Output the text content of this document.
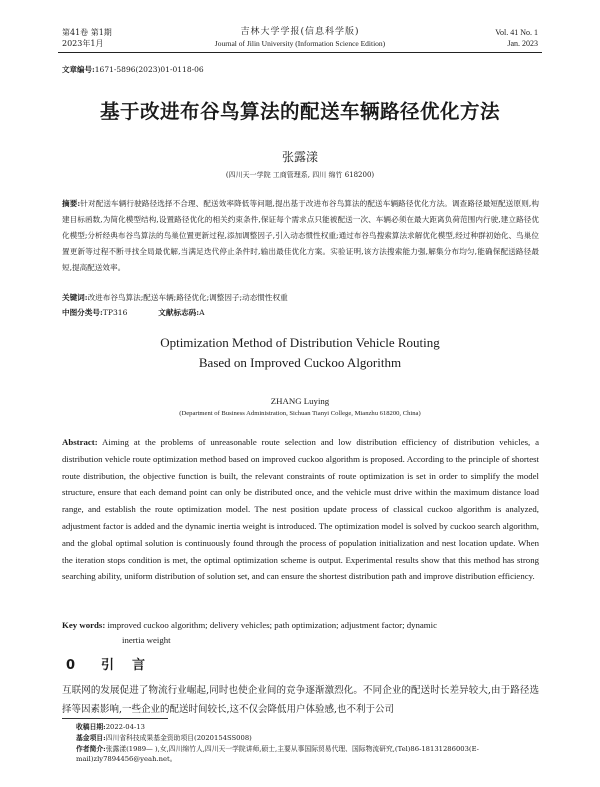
第41卷 第1期
2023年1月
吉林大学学报(信息科学版)
Journal of Jilin University (Information Science Edition)
Vol. 41 No. 1
Jan. 2023
文章编号:1671-5896(2023)01-0118-06
基于改进布谷鸟算法的配送车辆路径优化方法
张露漾
(四川天一学院 工商管理系, 四川 绵竹 618200)
摘要:针对配送车辆行驶路径选择不合理、配送效率降低等问题,提出基于改进布谷鸟算法的配送车辆路径优化方法。调查路径最短配送原则,构建目标函数,为简化模型结构,设置路径优化的相关约束条件,保证每个需求点只能被配送一次、车辆必须在最大距离负荷范围内行驶,建立路径优化模型;分析经典布谷鸟算法的鸟巢位置更新过程,添加调整因子,引入动态惯性权重;通过布谷鸟搜索算法求解优化模型,经过种群初始化、鸟巢位置更新等过程不断寻找全局最优解,当满足迭代停止条件时,输出最佳优化方案。实验证明,该方法搜索能力强,解集分布均匀,能确保配送路径最短,提高配送效率。
关键词:改进布谷鸟算法;配送车辆;路径优化;调整因子;动态惯性权重
中图分类号:TP316	文献标志码:A
Optimization Method of Distribution Vehicle Routing
Based on Improved Cuckoo Algorithm
ZHANG Luying
(Department of Business Administration, Sichuan Tianyi College, Mianzhu 618200, China)
Abstract: Aiming at the problems of unreasonable route selection and low distribution efficiency of distribution vehicles, a distribution vehicle route optimization method based on improved cuckoo algorithm is proposed. According to the principle of shortest route distribution, the objective function is built, the relevant constraints of route optimization is set in order to simplify the model structure, ensure that each demand point can only be distributed once, and the vehicle must drive within the maximum distance load range, and establish the route optimization model. The nest position update process of classical cuckoo algorithm is analyzed, adjustment factor is added and the dynamic inertia weight is introduced. The optimization model is solved by cuckoo search algorithm, and the global optimal solution is continuously found through the process of population initialization and nest location update. When the iteration stops condition is met, the optimal optimization scheme is output. Experimental results show that this method has strong searching ability, uniform distribution of solution set, and can ensure the shortest distribution path and improve distribution efficiency.
Key words: improved cuckoo algorithm; delivery vehicles; path optimization; adjustment factor; dynamic
inertia weight
0 引言
互联网的发展促进了物流行业崛起,同时也使企业间的竞争逐渐激烈化。不同企业的配送时长差异较大,由于路径选择等因素影响,一些企业的配送时间较长,这不仅会降低用户体验感,也不利于公司
收稿日期:2022-04-13
基金项目:四川省科技成果基金资助项目(2020154SS008)
作者简介:张露漾(1989— ),女,四川绵竹人,四川天一学院讲师,硕士,主要从事国际贸易代理、国际物流研究,(Tel)86-18131286003(E-mail)zly7894456@yeah.net。
